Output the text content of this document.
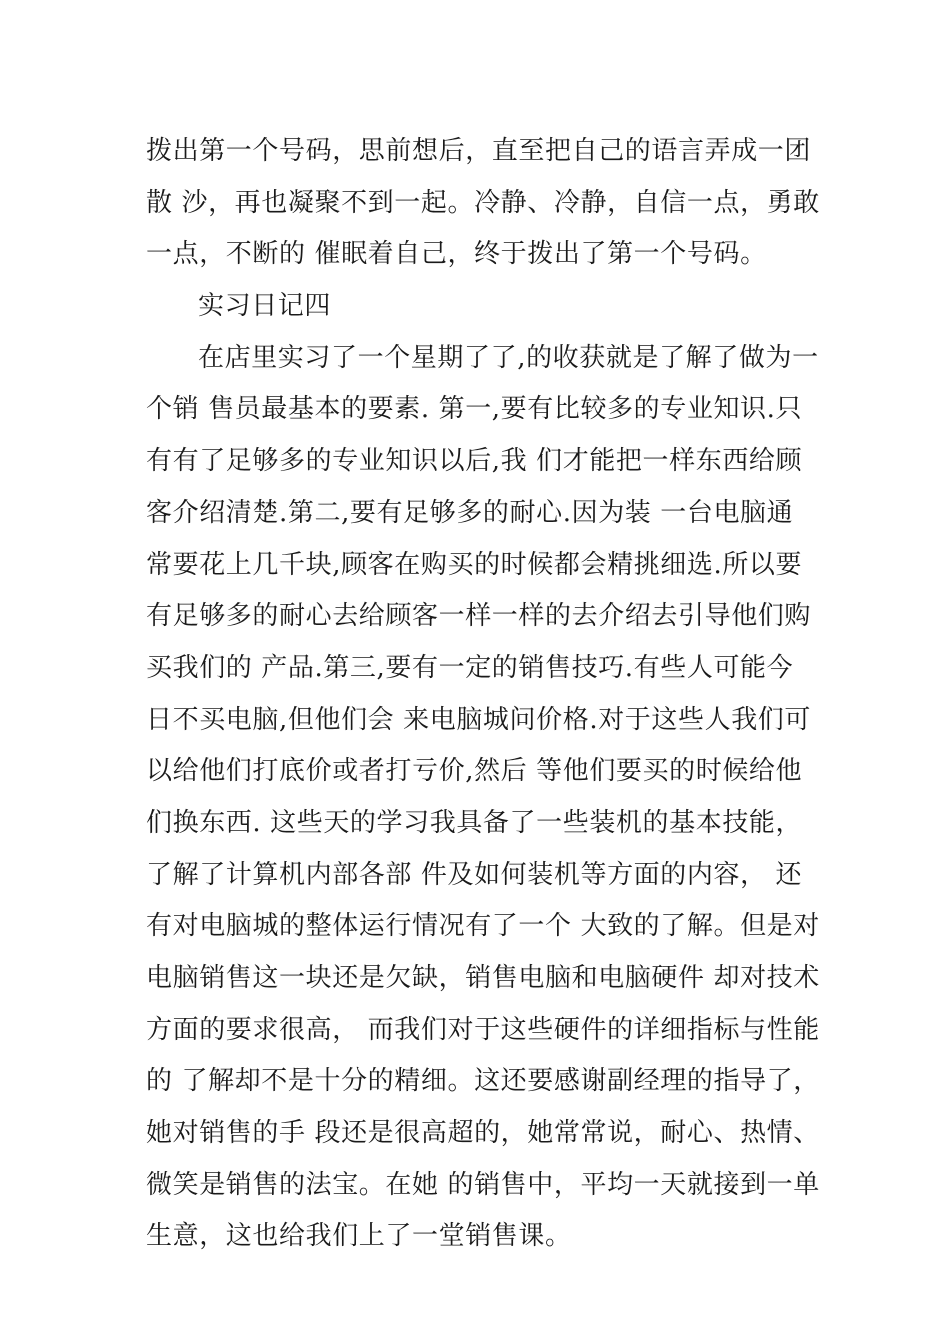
拨出第一个号码，思前想后，直至把自己的语言弄成一团
散 沙，再也凝聚不到一起。冷静、冷静，自信一点，勇敢
一点，不断的 催眠着自己，终于拨出了第一个号码。
实习日记四
在店里实习了一个星期了了,的收获就是了解了做为一
个销 售员最基本的要素. 第一,要有比较多的专业知识.只
有有了足够多的专业知识以后,我 们才能把一样东西给顾
客介绍清楚.第二,要有足够多的耐心.因为装 一台电脑通
常要花上几千块,顾客在购买的时候都会精挑细选.所以要
有足够多的耐心去给顾客一样一样的去介绍去引导他们购
买我们的 产品.第三,要有一定的销售技巧.有些人可能今
日不买电脑,但他们会 来电脑城问价格.对于这些人我们可
以给他们打底价或者打亏价,然后 等他们要买的时候给他
们换东西. 这些天的学习我具备了一些装机的基本技能，
了解了计算机内部各部 件及如何装机等方面的内容， 还
有对电脑城的整体运行情况有了一个 大致的了解。但是对
电脑销售这一块还是欠缺，销售电脑和电脑硬件 却对技术
方面的要求很高， 而我们对于这些硬件的详细指标与性能
的 了解却不是十分的精细。这还要感谢副经理的指导了，
她对销售的手 段还是很高超的，她常常说，耐心、热情、
微笑是销售的法宝。在她 的销售中，平均一天就接到一单
生意，这也给我们上了一堂销售课。
